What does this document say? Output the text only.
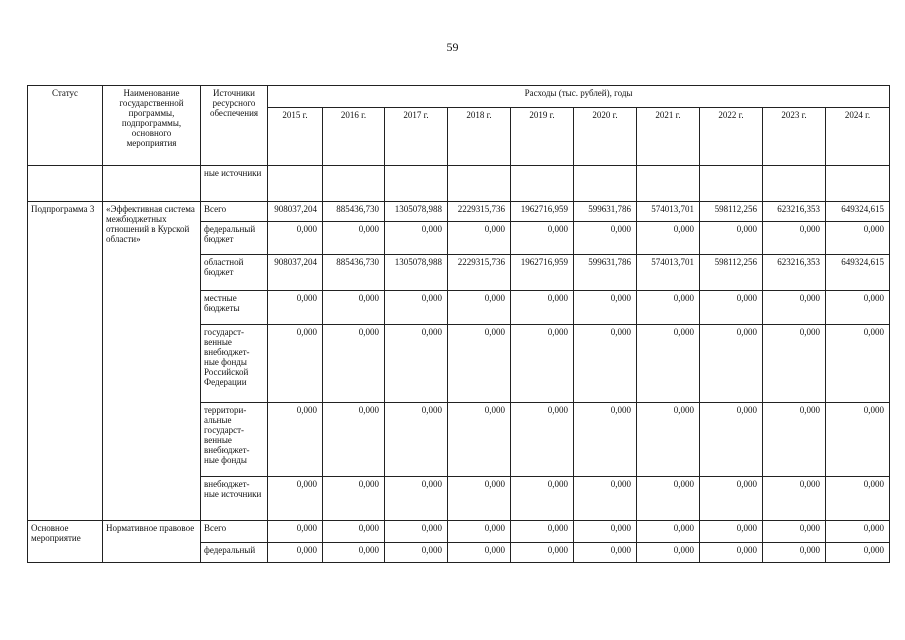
59
Статус	Наименование государственной программы, подпрограммы, основного мероприятия	Источники ресурсного обеспечения	Расходы (тыс. рублей), годы									
			2015 г.	2016 г.	2017 г.	2018 г.	2019 г.	2020 г.	2021 г.	2022 г.	2023 г.	2024 г.
		ные источники										
Подпрограмма 3	«Эффективная система межбюджетных отношений в Курской области»	Всего	908037,204	885436,730	1305078,988	2229315,736	1962716,959	599631,786	574013,701	598112,256	623216,353	649324,615
		федеральный бюджет	0,000	0,000	0,000	0,000	0,000	0,000	0,000	0,000	0,000	0,000
		областной бюджет	908037,204	885436,730	1305078,988	2229315,736	1962716,959	599631,786	574013,701	598112,256	623216,353	649324,615
		местные бюджеты	0,000	0,000	0,000	0,000	0,000	0,000	0,000	0,000	0,000	0,000
		государст-венные внебюджет-ные фонды Российской Федерации	0,000	0,000	0,000	0,000	0,000	0,000	0,000	0,000	0,000	0,000
		территори-альные государст-венные внебюджет-ные фонды	0,000	0,000	0,000	0,000	0,000	0,000	0,000	0,000	0,000	0,000
		внебюджет-ные источники	0,000	0,000	0,000	0,000	0,000	0,000	0,000	0,000	0,000	0,000
Основное мероприятие	Нормативное правовое	Всего	0,000	0,000	0,000	0,000	0,000	0,000	0,000	0,000	0,000	0,000
		федеральный	0,000	0,000	0,000	0,000	0,000	0,000	0,000	0,000	0,000	0,000
